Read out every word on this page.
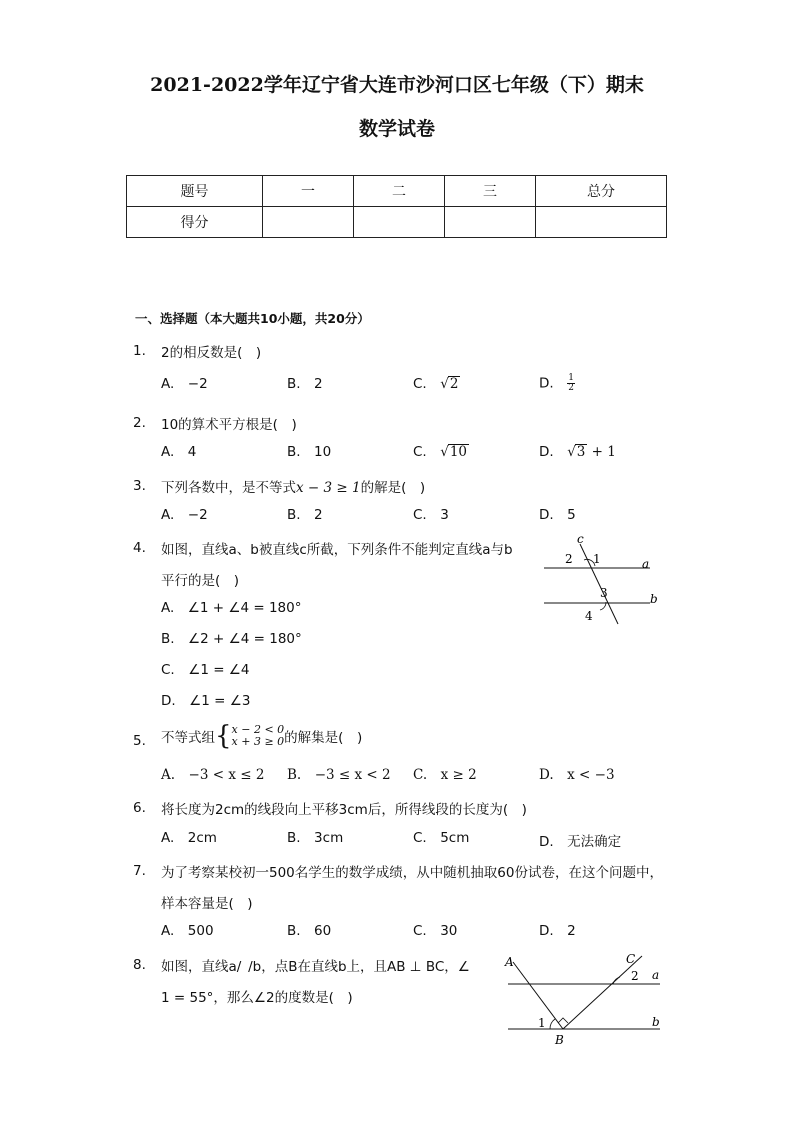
2021-2022学年辽宁省大连市沙河口区七年级（下）期末
数学试卷
题号	一	二	三	总分
得分				
一、选择题（本大题共10小题，共20分）
1. 2的相反数是( )
A. −2	B. 2	C. √2	D.  $\frac{1}{2}$
2. 10的算术平方根是( )
A. 4	B. 10	C. √10	D. √3 + 1
3. 下列各数中，是不等式x − 3 ≥ 1的解是( )
A. −2	B. 2	C. 3	D. 5
4. 如图，直线a、b被直线c所截，下列条件不能判定直线a与b
平行的是( )
A. ∠1 + ∠4 = 180°
B. ∠2 + ∠4 = 180°
C. ∠1 = ∠4
D. ∠1 = ∠3
c
2 1	a
3	b
4
5. 不等式组{ x − 2 < 0
x + 3 ≥ 0 的解集是( )
A. −3 < x ≤ 2 B. −3 ≤ x < 2 C. x ≥ 2	D. x < −3
6. 将长度为2cm的线段向上平移3cm后，所得线段的长度为( )
A. 2cm	B. 3cm	C. 5cm	D. 无法确定
7. 为了考察某校初一500名学生的数学成绩，从中随机抽取60份试卷，在这个问题中，
样本容量是( )
A. 500	B. 60	C. 30	D. 2
8. 如图，直线a/ /b，点B在直线b上，且AB ⊥ BC，∠
1 = 55°，那么∠2的度数是( )
A	C
a
2
1
B
b
